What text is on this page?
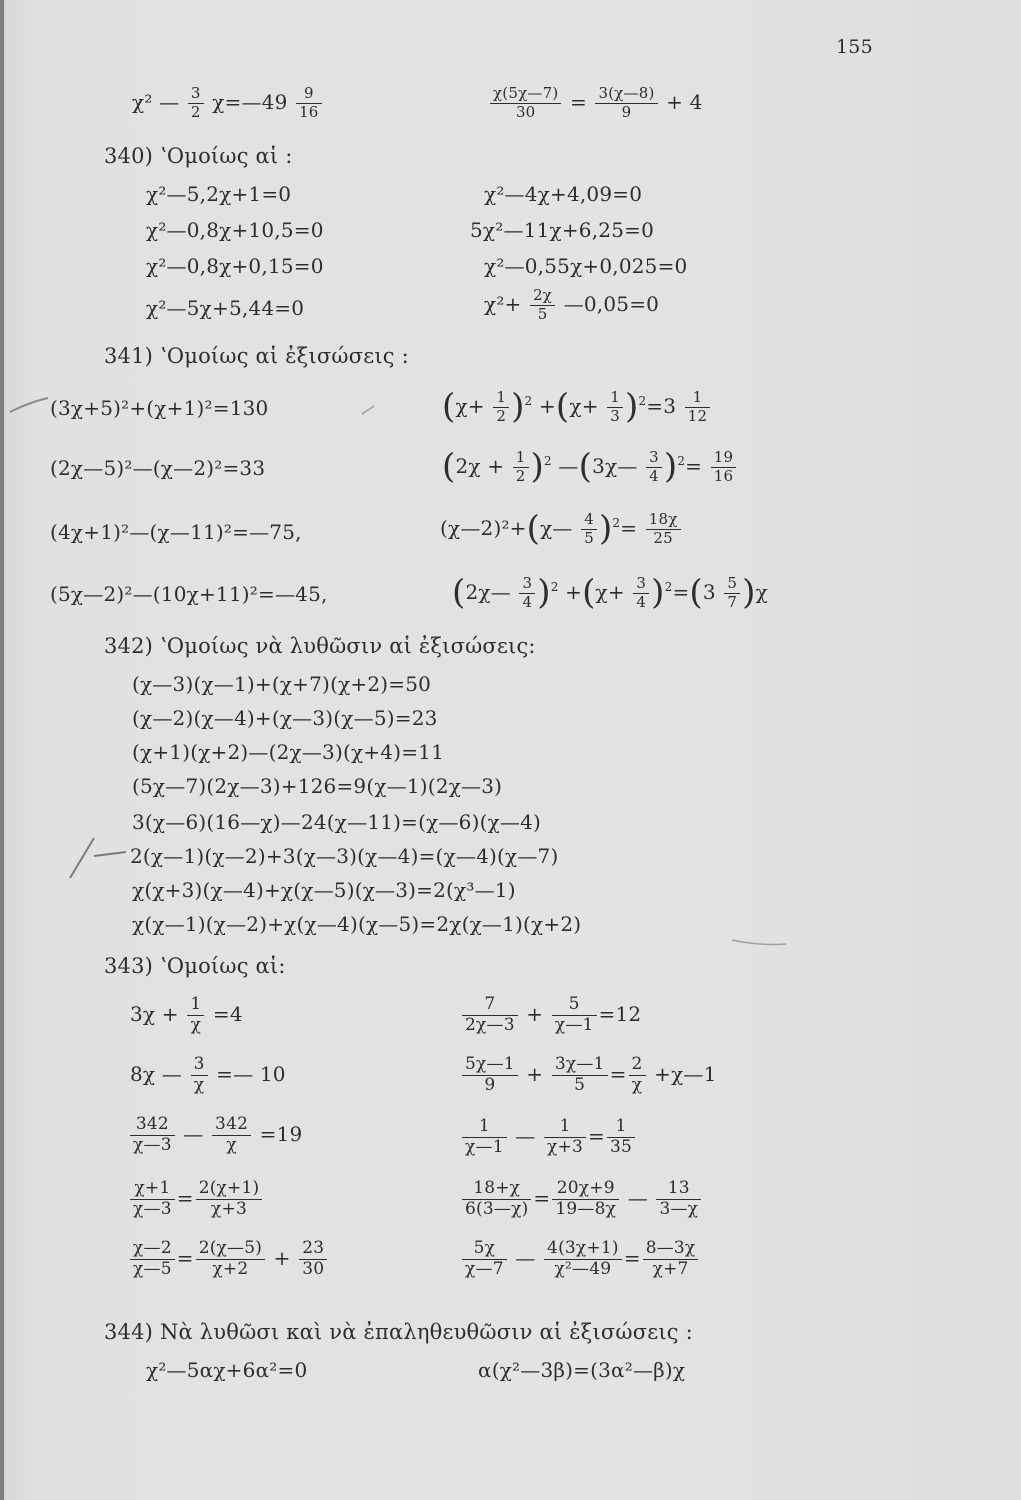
155
χ² — $\frac{3}{2}$ χ=—49 $\frac{9}{16}$	$\frac{\chi(5\chi—7)}{30} = \frac{3(\chi—8)}{9} + 4$
340) ʽΟμοίως αἱ :
χ²—5,2χ+1=0
χ²—0,8χ+10,5=0
χ²—0,8χ+0,15=0
χ²—5χ+5,44=0
χ²—4χ+4,09=0
5χ²—11χ+6,25=0
χ²—0,55χ+0,025=0
$\chi^2+ \frac{2\chi}{5}$ —0,05=0
341) ʽΟμοίως αἱ ἐξισώσεις :
(3χ+5)²+(χ+1)²=130
(2χ—5)²—(χ—2)²=33
(4χ+1)²—(χ—11)²=—75,
(5χ—2)²—(10χ+11)²=—45,
$(\chi+ \frac{1}{2} )^2 +(\chi+ \frac{1}{3} )^2=3 \frac{1}{12}$
$(2\chi + \frac{1}{2} )^2$ —(3χ— $\frac{3}{4} )^2= \frac{19}{16}$
(χ—2)²+(χ— $\frac{4}{5} )^2= \frac{18\chi}{25}$
(2χ— $\frac{3}{4} )^2 +(\chi+ \frac{3}{4} )^2=(3 \frac{5}{7} )\chi$
342) ʽΟμοίως νὰ λυθῶσιν αἱ ἐξισώσεις:
(χ—3)(χ—1)+(χ+7)(χ+2)=50
(χ—2)(χ—4)+(χ—3)(χ—5)=23
(χ+1)(χ+2)—(2χ—3)(χ+4)=11
(5χ—7)(2χ—3)+126=9(χ—1)(2χ—3)
3(χ—6)(16—χ)—24(χ—11)=(χ—6)(χ—4)
2(χ—1)(χ—2)+3(χ—3)(χ—4)=(χ—4)(χ—7)
χ(χ+3)(χ—4)+χ(χ—5)(χ—3)=2(χ³—1)
χ(χ—1)(χ—2)+χ(χ—4)(χ—5)=2χ(χ—1)(χ+2)
343) ʽΟμοίως αἱ:
$3\chi + \frac{1}{\chi} =4$
8χ — $\frac{3}{\chi}$ =— 10
$\frac{342}{\chi—3}$ — $\frac{342}{\chi} =19$
$\frac{\chi+1}{\chi—3} = \frac{2(\chi+1)}{\chi+3}$
$\frac{\chi—2}{\chi—5} = \frac{2(\chi—5)}{\chi+2} + \frac{23}{30}$
$\frac{7}{2\chi—3} + \frac{5}{\chi—1} =12$
$\frac{5\chi—1}{9} + \frac{3\chi—1}{5} = \frac{2}{\chi}$ +χ—1
$\frac{1}{\chi—1}$ — $\frac{1}{\chi+3} = \frac{1}{35}$
$\frac{18+\chi}{6(3—\chi)} = \frac{20\chi+9}{19—8\chi}$ — $\frac{13}{3—\chi}$
$\frac{5\chi}{\chi—7}$ — $\frac{4(3\chi+1)}{\text{χ²—49}} = \frac{8—3\chi}{\chi+7}$
344) Νὰ λυθῶσι καὶ νὰ ἐπαληθευθῶσιν αἱ ἐξισώσεις :
χ²—5αχ+6α²=0	α(χ²—3β)=(3α²—β)χ
